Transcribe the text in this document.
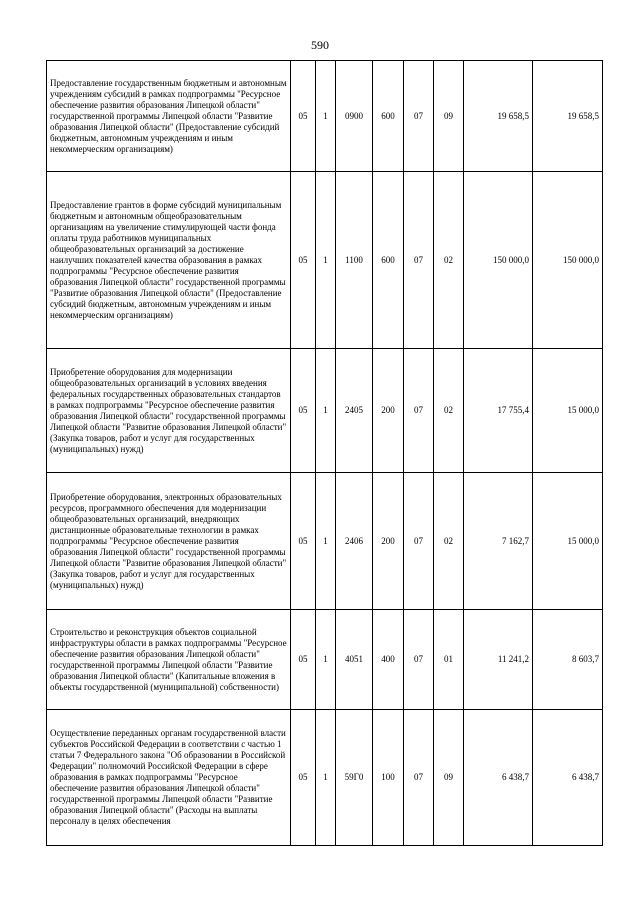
590
Предоставление государственным бюджетным и автономным учреждениям субсидий в рамках подпрограммы "Ресурсное обеспечение развития образования Липецкой области" государственной программы Липецкой области "Развитие образования Липецкой области" (Предоставление субсидий бюджетным, автономным учреждениям и иным некоммерческим организациям)	05	1	0900	600	07	09	19 658,5	19 658,5
Предоставление грантов в форме субсидий муниципальным бюджетным и автономным общеобразовательным организациям на увеличение стимулирующей части фонда оплаты труда работников муниципальных общеобразовательных организаций за достижение наилучших показателей качества образования в рамках подпрограммы "Ресурсное обеспечение развития образования Липецкой области" государственной программы "Развитие образования Липецкой области" (Предоставление субсидий бюджетным, автономным учреждениям и иным некоммерческим организациям)	05	1	1100	600	07	02	150 000,0	150 000,0
Приобретение оборудования для модернизации общеобразовательных организаций в условиях введения федеральных государственных образовательных стандартов в рамках подпрограммы "Ресурсное обеспечение развития образования Липецкой области" государственной программы Липецкой области "Развитие образования Липецкой области" (Закупка товаров, работ и услуг для государственных (муниципальных) нужд)	05	1	2405	200	07	02	17 755,4	15 000,0
Приобретение оборудования, электронных образовательных ресурсов, программного обеспечения для модернизации общеобразовательных организаций, внедряющих дистанционные образовательные технологии в рамках подпрограммы "Ресурсное обеспечение развития образования Липецкой области" государственной программы Липецкой области "Развитие образования Липецкой области" (Закупка товаров, работ и услуг для государственных (муниципальных) нужд)	05	1	2406	200	07	02	7 162,7	15 000,0
Строительство и реконструкция объектов социальной инфраструктуры области в рамках подпрограммы "Ресурсное обеспечение развития образования Липецкой области" государственной программы Липецкой области "Развитие образования Липецкой области" (Капитальные вложения в объекты государственной (муниципальной) собственности)	05	1	4051	400	07	01	11 241,2	8 603,7
Осуществление переданных органам государственной власти субъектов Российской Федерации в соответствии с частью 1 статьи 7 Федерального закона "Об образовании в Российской Федерации" полномочий Российской Федерации в сфере образования в рамках подпрограммы "Ресурсное обеспечение развития образования Липецкой области" государственной программы Липецкой области "Развитие образования Липецкой области" (Расходы на выплаты персоналу в целях обеспечения	05	1	59Г0	100	07	09	6 438,7	6 438,7
